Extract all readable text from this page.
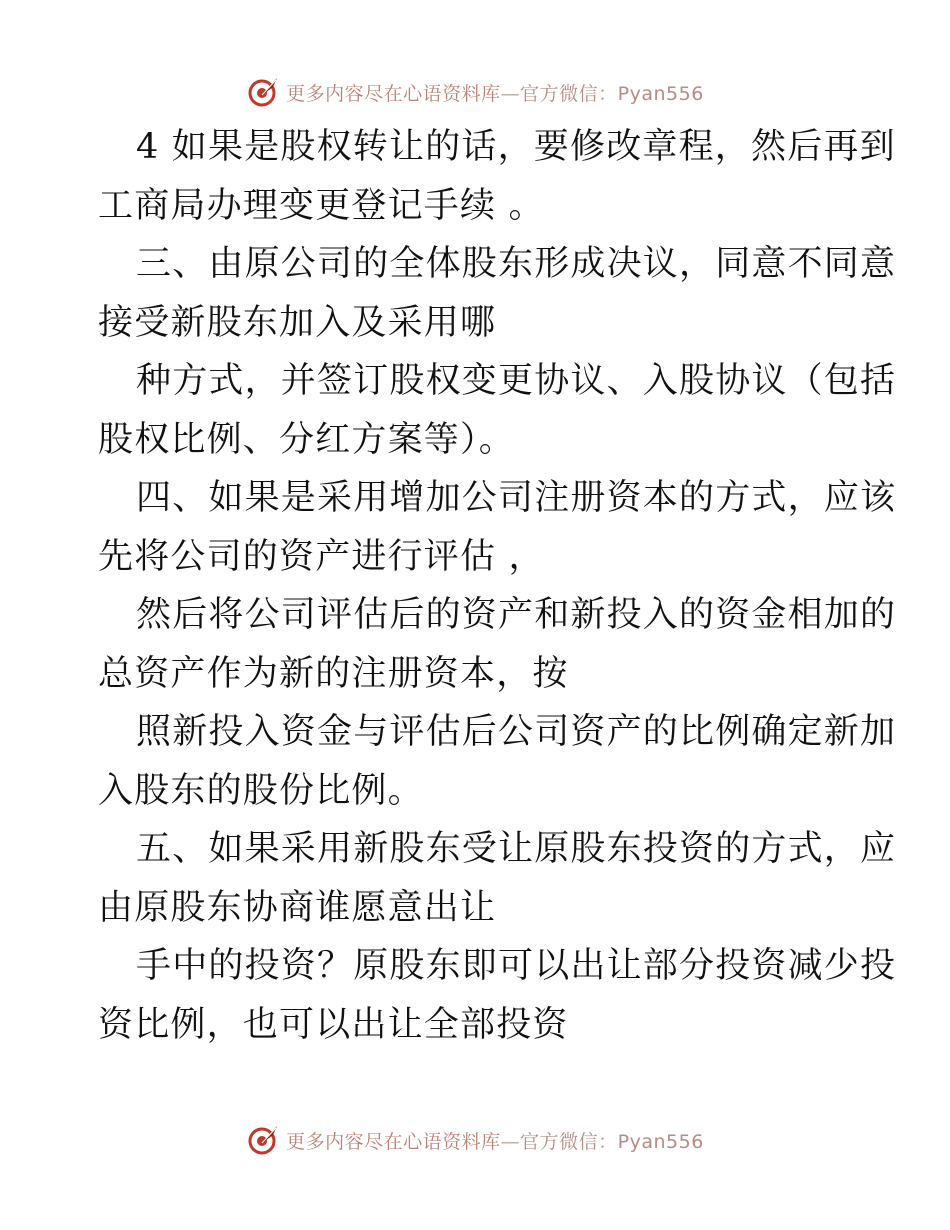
更多内容尽在心语资料库—官方微信：Pyan556

4 如果是股权转让的话，要修改章程，然后再到

工商局办理变更登记手续 。

三、由原公司的全体股东形成决议，同意不同意

接受新股东加入及采用哪

种方式，并签订股权变更协议、入股协议（包括

股权比例、分红方案等）。

四、如果是采用增加公司注册资本的方式，应该

先将公司的资产进行评估 ，

然后将公司评估后的资产和新投入的资金相加的

总资产作为新的注册资本，按

照新投入资金与评估后公司资产的比例确定新加

入股东的股份比例。

五、如果采用新股东受让原股东投资的方式，应

由原股东协商谁愿意出让

手中的投资？原股东即可以出让部分投资减少投

资比例，也可以出让全部投资

更多内容尽在心语资料库—官方微信：Pyan556
